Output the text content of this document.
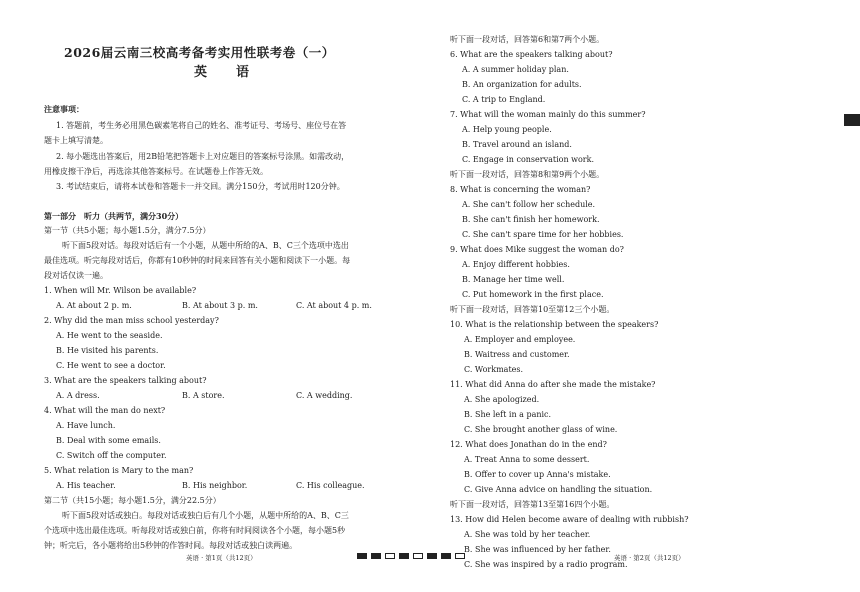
2026届云南三校高考备考实用性联考卷（一）
英　语
注意事项：
1. 答题前，考生务必用黑色碳素笔将自己的姓名、准考证号、考场号、座位号在答
题卡上填写清楚。
2. 每小题选出答案后，用2B铅笔把答题卡上对应题目的答案标号涂黑。如需改动，
用橡皮擦干净后，再选涂其他答案标号。在试题卷上作答无效。
3. 考试结束后，请将本试卷和答题卡一并交回。满分150分，考试用时120分钟。
第一部分　听力（共两节，满分30分）
第一节（共5小题；每小题1.5分，满分7.5分）
听下面5段对话。每段对话后有一个小题，从题中所给的A、B、C三个选项中选出
最佳选项。听完每段对话后，你都有10秒钟的时间来回答有关小题和阅读下一小题。每
段对话仅读一遍。
1. When will Mr. Wilson be available?
A. At about 2 p. m.	B. At about 3 p. m.	C. At about 4 p. m.
2. Why did the man miss school yesterday?
A. He went to the seaside.
B. He visited his parents.
C. He went to see a doctor.
3. What are the speakers talking about?
A. A dress.	B. A store.	C. A wedding.
4. What will the man do next?
A. Have lunch.
B. Deal with some emails.
C. Switch off the computer.
5. What relation is Mary to the man?
A. His teacher.	B. His neighbor.	C. His colleague.
第二节（共15小题；每小题1.5分，满分22.5分）
听下面5段对话或独白。每段对话或独白后有几个小题，从题中所给的A、B、C三
个选项中选出最佳选项。听每段对话或独白前，你将有时间阅读各个小题，每小题5秒
钟；听完后，各小题将给出5秒钟的作答时间。每段对话或独白读两遍。
听下面一段对话，回答第6和第7两个小题。
6. What are the speakers talking about?
A. A summer holiday plan.
B. An organization for adults.
C. A trip to England.
7. What will the woman mainly do this summer?
A. Help young people.
B. Travel around an island.
C. Engage in conservation work.
听下面一段对话，回答第8和第9两个小题。
8. What is concerning the woman?
A. She can't follow her schedule.
B. She can't finish her homework.
C. She can't spare time for her hobbies.
9. What does Mike suggest the woman do?
A. Enjoy different hobbies.
B. Manage her time well.
C. Put homework in the first place.
听下面一段对话，回答第10至第12三个小题。
10. What is the relationship between the speakers?
A. Employer and employee.
B. Waitress and customer.
C. Workmates.
11. What did Anna do after she made the mistake?
A. She apologized.
B. She left in a panic.
C. She brought another glass of wine.
12. What does Jonathan do in the end?
A. Treat Anna to some dessert.
B. Offer to cover up Anna's mistake.
C. Give Anna advice on handling the situation.
听下面一段对话，回答第13至第16四个小题。
13. How did Helen become aware of dealing with rubbish?
A. She was told by her teacher.
B. She was influenced by her father.
C. She was inspired by a radio program.
英语 · 第1页（共12页）	英语 · 第2页（共12页）
